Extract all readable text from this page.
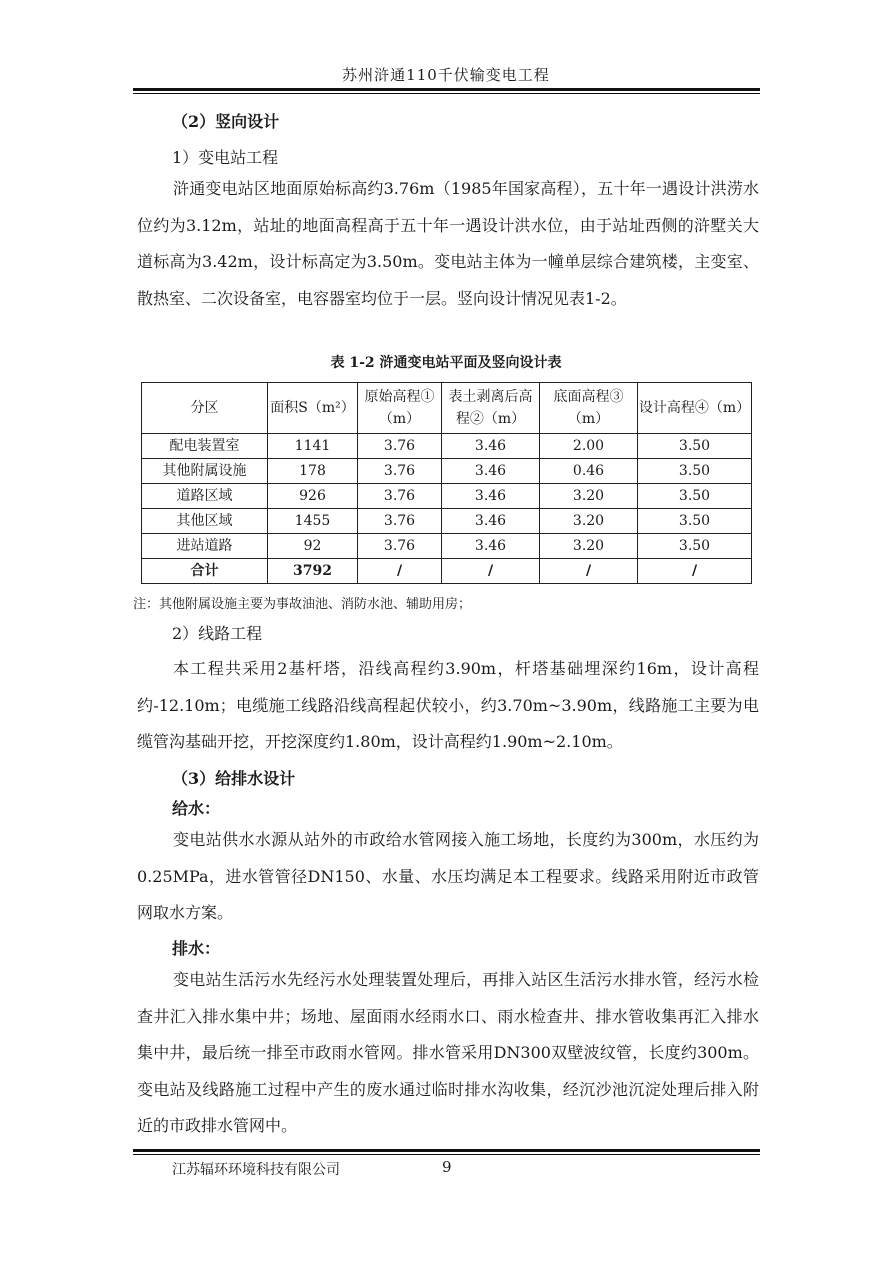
苏州浒通110千伏输变电工程
（2）竖向设计
1）变电站工程

浒通变电站区地面原始标高约3.76m（1985年国家高程），五十年一遇设计洪涝水位约为3.12m，站址的地面高程高于五十年一遇设计洪水位，由于站址西侧的浒墅关大道标高为3.42m，设计标高定为3.50m。变电站主体为一幢单层综合建筑楼，主变室、散热室、二次设备室，电容器室均位于一层。竖向设计情况见表1-2。

表 1-2 浒通变电站平面及竖向设计表
分区	面积S（m²）	原始高程①（m）	表土剥离后高程②（m）	底面高程③（m）	设计高程④（m）
配电装置室	1141	3.76	3.46	2.00	3.50
其他附属设施	178	3.76	3.46	0.46	3.50
道路区域	926	3.76	3.46	3.20	3.50
其他区域	1455	3.76	3.46	3.20	3.50
进站道路	92	3.76	3.46	3.20	3.50
合计	3792	/	/	/	/
注：其他附属设施主要为事故油池、消防水池、辅助用房；
2）线路工程

本工程共采用2基杆塔，沿线高程约3.90m，杆塔基础埋深约16m，设计高程约-12.10m；电缆施工线路沿线高程起伏较小，约3.70m~3.90m，线路施工主要为电缆管沟基础开挖，开挖深度约1.80m，设计高程约1.90m~2.10m。

（3）给排水设计
给水：

变电站供水水源从站外的市政给水管网接入施工场地，长度约为300m，水压约为0.25MPa，进水管管径DN150、水量、水压均满足本工程要求。线路采用附近市政管网取水方案。

排水：

变电站生活污水先经污水处理装置处理后，再排入站区生活污水排水管，经污水检查井汇入排水集中井；场地、屋面雨水经雨水口、雨水检查井、排水管收集再汇入排水集中井，最后统一排至市政雨水管网。排水管采用DN300双壁波纹管，长度约300m。变电站及线路施工过程中产生的废水通过临时排水沟收集，经沉沙池沉淀处理后排入附近的市政排水管网中。

江苏辐环环境科技有限公司	9
